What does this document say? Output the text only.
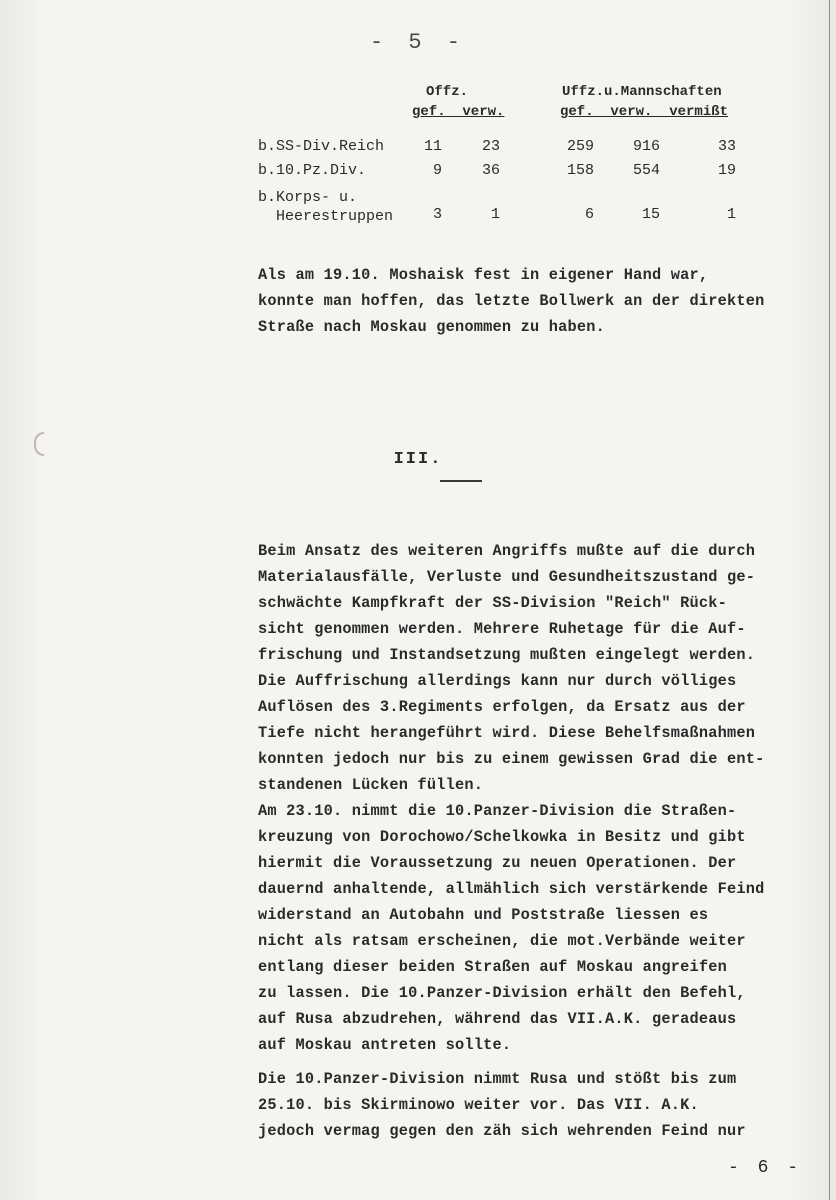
- 5 -
Offz.
gef.  verw.
Uffz.u.Mannschaften
gef.  verw.  vermißt
b.SS-Div.Reich	11	23	259	916	33
b.10.Pz.Div.	9	36	158	554	19
b.Korps- u.
Heerestruppen	3	1	6	15	1
Als am 19.10. Moshaisk fest in eigener Hand war,
konnte man hoffen, das letzte Bollwerk an der direkten
Straße nach Moskau genommen zu haben.
III.
Beim Ansatz des weiteren Angriffs mußte auf die durch
Materialausfälle, Verluste und Gesundheitszustand ge-
schwächte Kampfkraft der SS-Division "Reich" Rück-
sicht genommen werden. Mehrere Ruhetage für die Auf-
frischung und Instandsetzung mußten eingelegt werden.
Die Auffrischung allerdings kann nur durch völliges
Auflösen des 3.Regiments erfolgen, da Ersatz aus der
Tiefe nicht herangeführt wird. Diese Behelfsmaßnahmen
konnten jedoch nur bis zu einem gewissen Grad die ent-
standenen Lücken füllen.
Am 23.10. nimmt die 10.Panzer-Division die Straßen-
kreuzung von Dorochowo/Schelkowka in Besitz und gibt
hiermit die Voraussetzung zu neuen Operationen. Der
dauernd anhaltende, allmählich sich verstärkende Feind
widerstand an Autobahn und Poststraße liessen es
nicht als ratsam erscheinen, die mot.Verbände weiter
entlang dieser beiden Straßen auf Moskau angreifen
zu lassen. Die 10.Panzer-Division erhält den Befehl,
auf Rusa abzudrehen, während das VII.A.K. geradeaus
auf Moskau antreten sollte.
Die 10.Panzer-Division nimmt Rusa und stößt bis zum
25.10. bis Skirminowo weiter vor. Das VII. A.K.
jedoch vermag gegen den zäh sich wehrenden Feind nur
- 6 -
